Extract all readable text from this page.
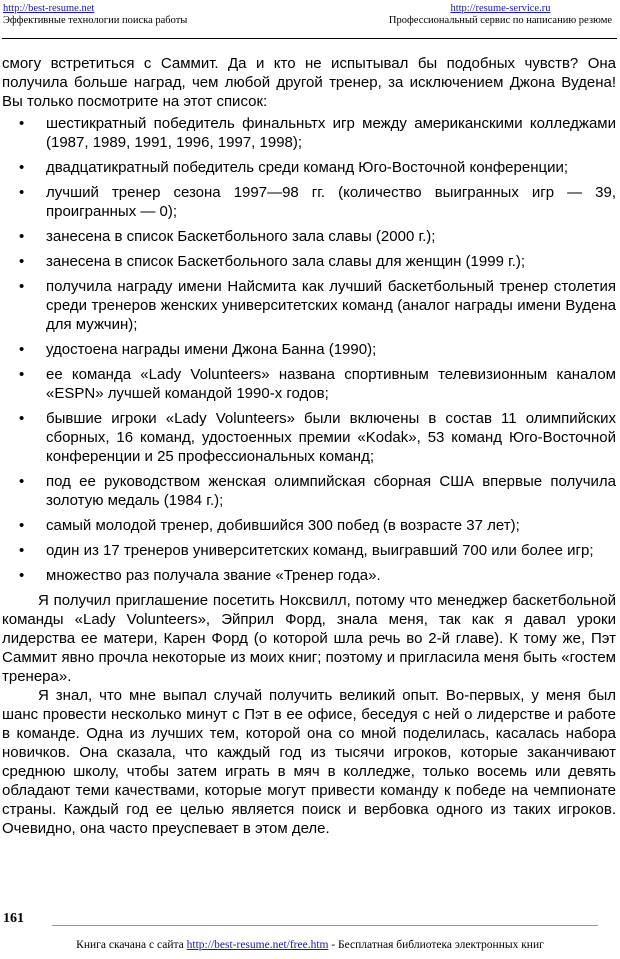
http://best-resume.net
Эффективные технологии поиска работы
http://resume-service.ru
Профессиональный сервис по написанию резюме

смогу встретиться с Саммит. Да и кто не испытывал бы подобных чувств? Она получила больше наград, чем любой другой тренер, за исключением Джона Вудена! Вы только посмотрите на этот список:

• шестикратный победитель финальньтх игр между американскими колледжами (1987, 1989, 1991, 1996, 1997, 1998);
• двадцатикратный победитель среди команд Юго-Восточной конференции;
• лучший тренер сезона 1997—98 гг. (количество выигранных игр — 39, проигранных — 0);
• занесена в список Баскетбольного зала славы (2000 г.);
• занесена в список Баскетбольного зала славы для женщин (1999 г.);
• получила награду имени Найсмита как лучший баскетбольный тренер столетия среди тренеров женских университетских команд (аналог награды имени Вудена для мужчин);
• удостоена награды имени Джона Банна (1990);
• ее команда «Lady Volunteers» названа спортивным телевизионным каналом «ESPN» лучшей командой 1990-х годов;
• бывшие игроки «Lady Volunteers» были включены в состав 11 олимпийских сборных, 16 команд, удостоенных премии «Kodak», 53 команд Юго-Восточной конференции и 25 профессиональных команд;
• под ее руководством женская олимпийская сборная США впервые получила золотую медаль (1984 г.);
• самый молодой тренер, добившийся 300 побед (в возрасте 37 лет);
• один из 17 тренеров университетских команд, выигравший 700 или более игр;
• множество раз получала звание «Тренер года».

Я получил приглашение посетить Ноксвилл, потому что менеджер баскетбольной команды «Lady Volunteers», Эйприл Форд, знала меня, так как я давал уроки лидерства ее матери, Карен Форд (о которой шла речь во 2-й главе). К тому же, Пэт Саммит явно прочла некоторые из моих книг; поэтому и пригласила меня быть «гостем тренера».

Я знал, что мне выпал случай получить великий опыт. Во-первых, у меня был шанс провести несколько минут с Пэт в ее офисе, беседуя с ней о лидерстве и работе в команде. Одна из лучших тем, которой она со мной поделилась, касалась набора новичков. Она сказала, что каждый год из тысячи игроков, которые заканчивают среднюю школу, чтобы затем играть в мяч в колледже, только восемь или девять обладают теми качествами, которые могут привести команду к победе на чемпионате страны. Каждый год ее целью является поиск и вербовка одного из таких игроков. Очевидно, она часто преуспевает в этом деле.

161
Книга скачана с сайта http://best-resume.net/free.htm - Бесплатная библиотека электронных книг
